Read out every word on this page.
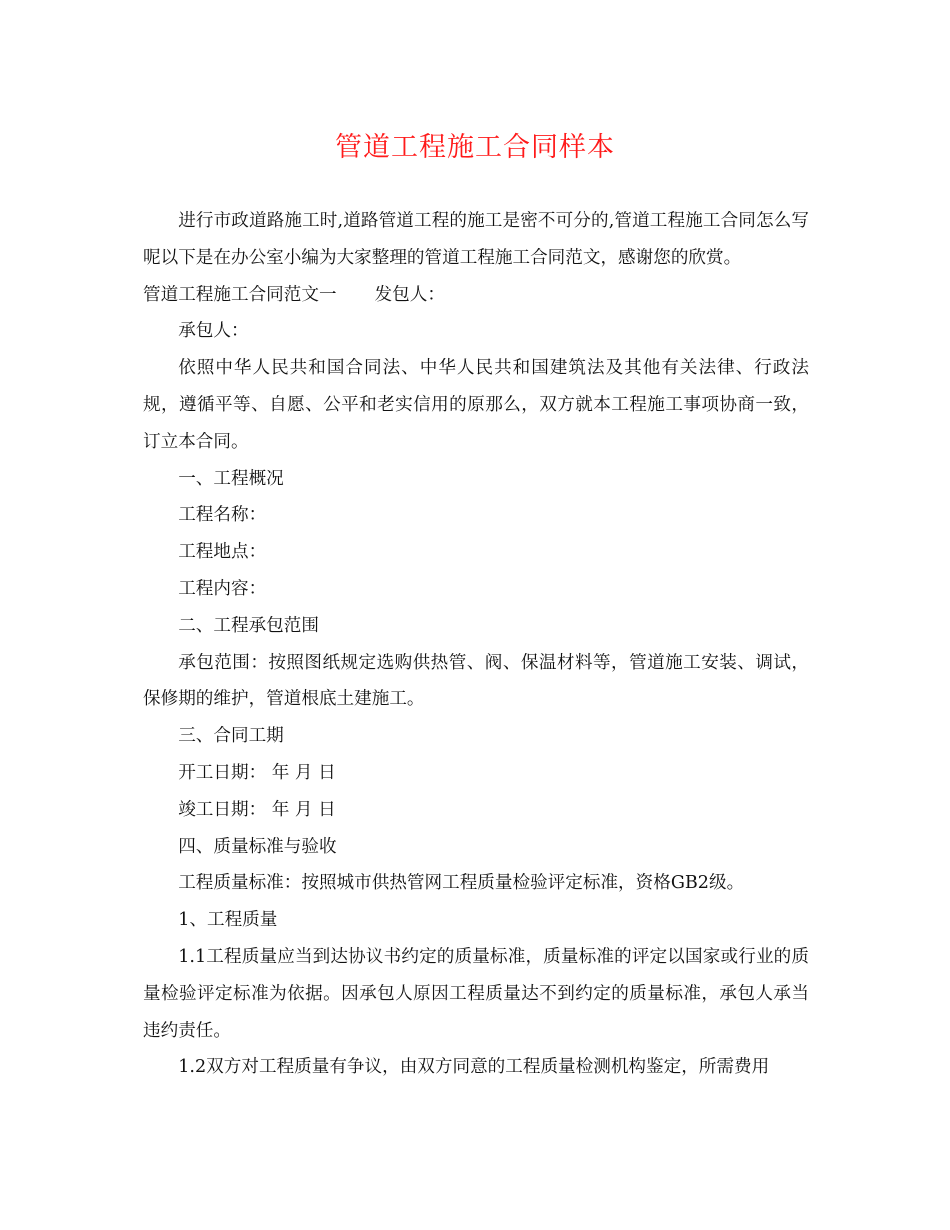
管道工程施工合同样本

进行市政道路施工时,道路管道工程的施工是密不可分的,管道工程施工合同怎么写呢以下是在办公室小编为大家整理的管道工程施工合同范文，感谢您的欣赏。

管道工程施工合同范文一 发包人：

承包人：

依照中华人民共和国合同法、中华人民共和国建筑法及其他有关法律、行政法规，遵循平等、自愿、公平和老实信用的原那么，双方就本工程施工事项协商一致，订立本合同。

一、工程概况

工程名称：

工程地点：

工程内容：

二、工程承包范围

承包范围：按照图纸规定选购供热管、阀、保温材料等，管道施工安装、调试，保修期的维护，管道根底土建施工。

三、合同工期

开工日期： 年 月 日

竣工日期： 年 月 日

四、质量标准与验收

工程质量标准：按照城市供热管网工程质量检验评定标准，资格GB2级。

1、工程质量

1.1工程质量应当到达协议书约定的质量标准，质量标准的评定以国家或行业的质量检验评定标准为依据。因承包人原因工程质量达不到约定的质量标准，承包人承当违约责任。

1.2双方对工程质量有争议，由双方同意的工程质量检测机构鉴定，所需费用
